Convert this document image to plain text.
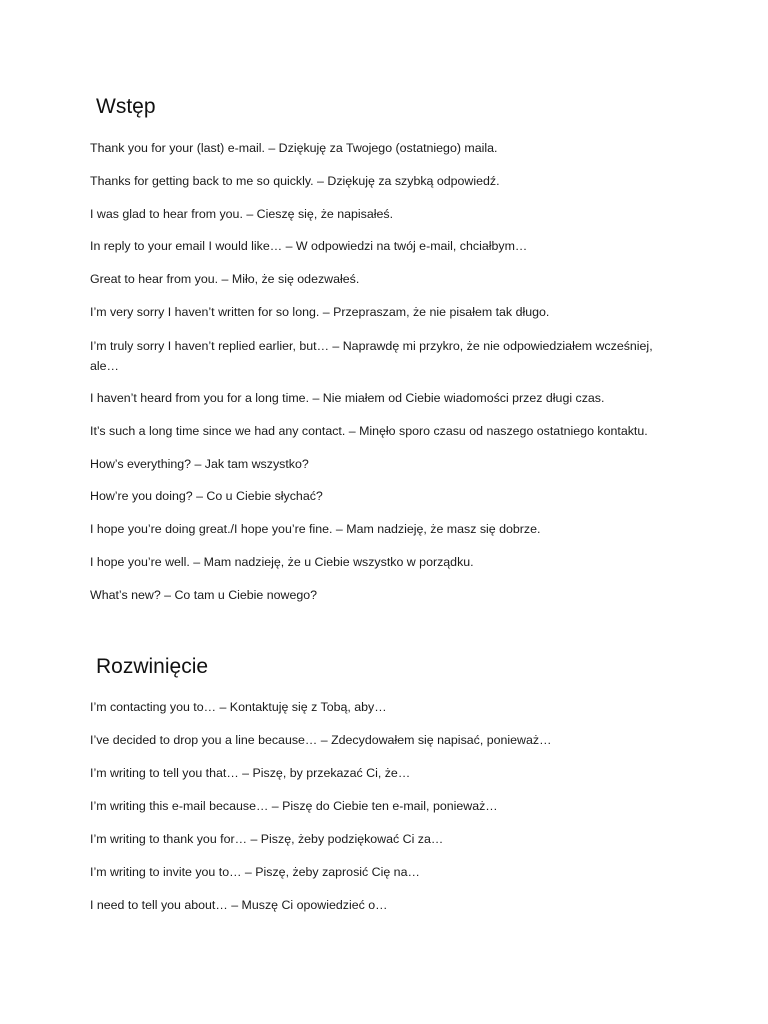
Wstęp

Thank you for your (last) e-mail. – Dziękuję za Twojego (ostatniego) maila.

Thanks for getting back to me so quickly. – Dziękuję za szybką odpowiedź.

I was glad to hear from you. – Cieszę się, że napisałeś.

In reply to your email I would like… – W odpowiedzi na twój e-mail, chciałbym…

Great to hear from you. – Miło, że się odezwałeś.

I’m very sorry I haven’t written for so long. – Przepraszam, że nie pisałem tak długo.

I’m truly sorry I haven’t replied earlier, but… – Naprawdę mi przykro, że nie odpowiedziałem wcześniej, ale…

I haven’t heard from you for a long time. – Nie miałem od Ciebie wiadomości przez długi czas.

It’s such a long time since we had any contact. – Minęło sporo czasu od naszego ostatniego kontaktu.

How’s everything? – Jak tam wszystko?

How’re you doing? – Co u Ciebie słychać?

I hope you’re doing great./I hope you’re fine. – Mam nadzieję, że masz się dobrze.

I hope you’re well. – Mam nadzieję, że u Ciebie wszystko w porządku.

What’s new? – Co tam u Ciebie nowego?

Rozwinięcie

I’m contacting you to… – Kontaktuję się z Tobą, aby…

I’ve decided to drop you a line because… – Zdecydowałem się napisać, ponieważ…

I’m writing to tell you that… – Piszę, by przekazać Ci, że…

I’m writing this e-mail because… – Piszę do Ciebie ten e-mail, ponieważ…

I’m writing to thank you for… – Piszę, żeby podziękować Ci za…

I’m writing to invite you to… – Piszę, żeby zaprosić Cię na…

I need to tell you about… – Muszę Ci opowiedzieć o…
